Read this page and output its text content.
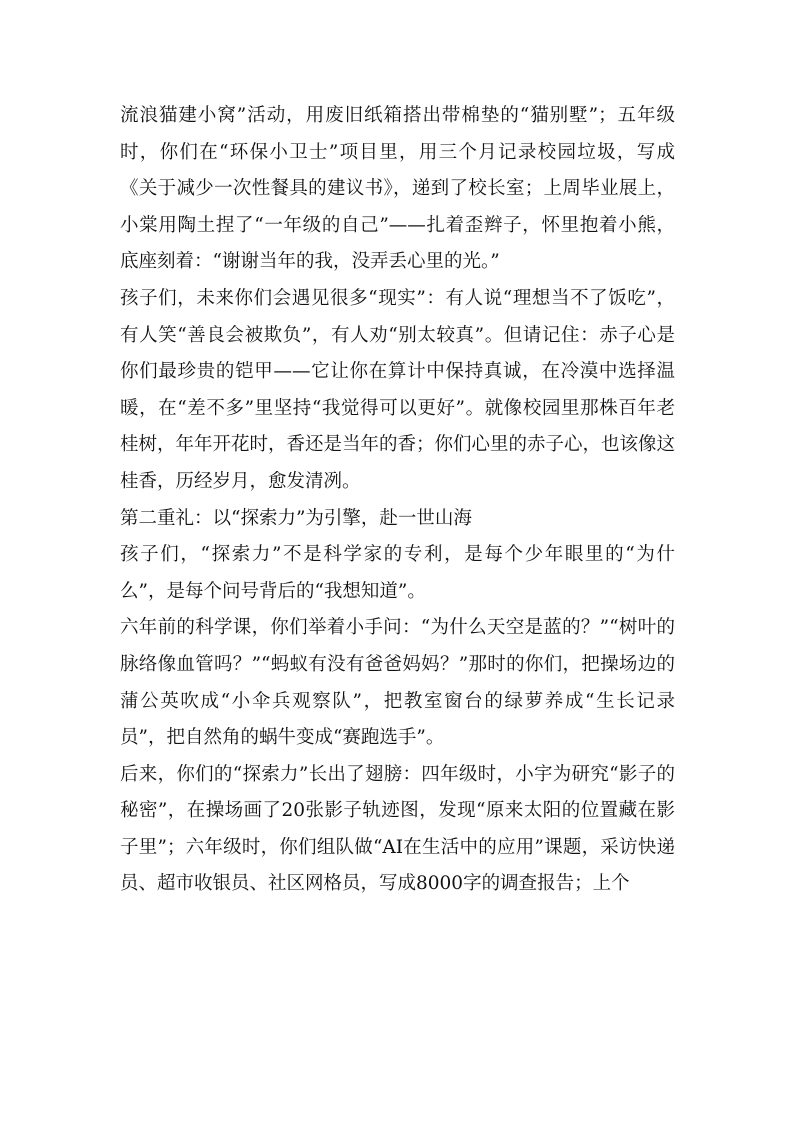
流浪猫建小窝”活动，用废旧纸箱搭出带棉垫的“猫别墅”；五年级时，你们在“环保小卫士”项目里，用三个月记录校园垃圾，写成《关于减少一次性餐具的建议书》，递到了校长室；上周毕业展上，小棠用陶土捏了“一年级的自己”——扎着歪辫子，怀里抱着小熊，底座刻着：“谢谢当年的我，没弄丢心里的光。”

孩子们，未来你们会遇见很多“现实”：有人说“理想当不了饭吃”，有人笑“善良会被欺负”，有人劝“别太较真”。但请记住：赤子心是你们最珍贵的铠甲——它让你在算计中保持真诚，在冷漠中选择温暖，在“差不多”里坚持“我觉得可以更好”。就像校园里那株百年老桂树，年年开花时，香还是当年的香；你们心里的赤子心，也该像这桂香，历经岁月，愈发清冽。

第二重礼：以“探索力”为引擎，赴一世山海

孩子们，“探索力”不是科学家的专利，是每个少年眼里的“为什么”，是每个问号背后的“我想知道”。

六年前的科学课，你们举着小手问：“为什么天空是蓝的？”“树叶的脉络像血管吗？”“蚂蚁有没有爸爸妈妈？”那时的你们，把操场边的蒲公英吹成“小伞兵观察队”，把教室窗台的绿萝养成“生长记录员”，把自然角的蜗牛变成“赛跑选手”。

后来，你们的“探索力”长出了翅膀：四年级时，小宇为研究“影子的秘密”，在操场画了20张影子轨迹图，发现“原来太阳的位置藏在影子里”；六年级时，你们组队做“AI在生活中的应用”课题，采访快递员、超市收银员、社区网格员，写成8000字的调查报告；上个
